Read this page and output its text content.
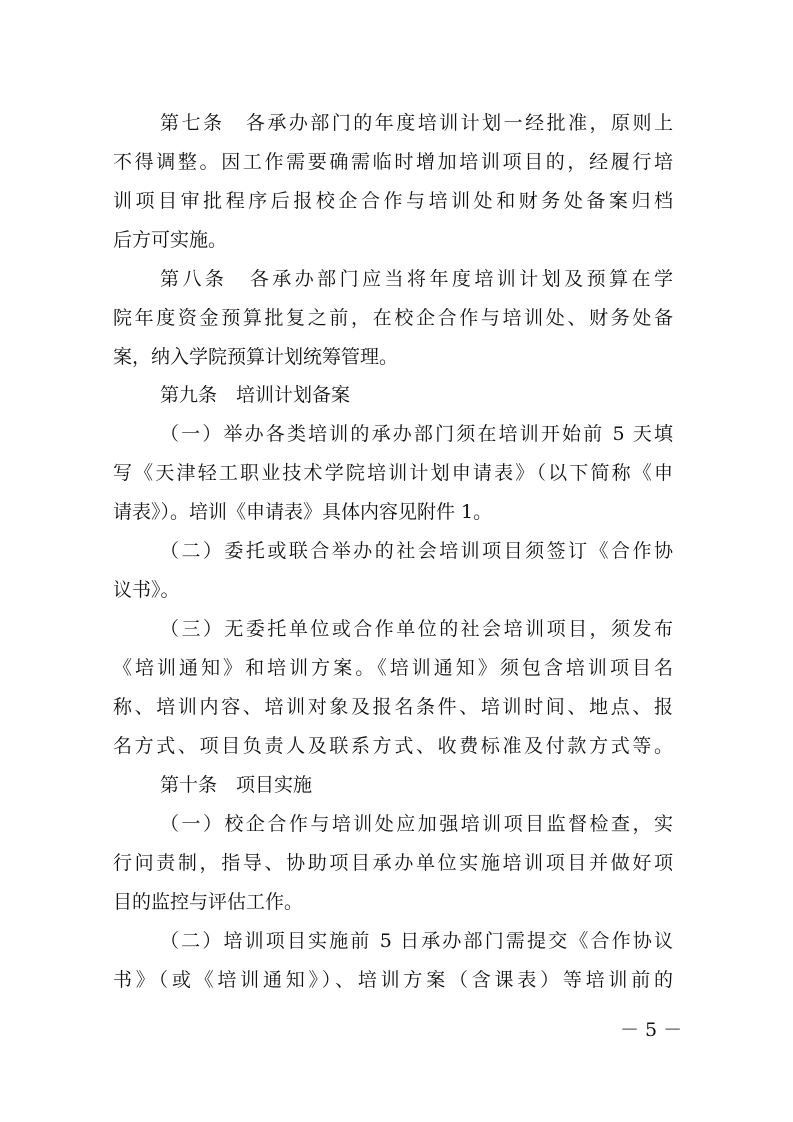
第七条　各承办部门的年度培训计划一经批准，原则上
不得调整。因工作需要确需临时增加培训项目的，经履行培
训项目审批程序后报校企合作与培训处和财务处备案归档
后方可实施。
第八条　各承办部门应当将年度培训计划及预算在学
院年度资金预算批复之前，在校企合作与培训处、财务处备
案，纳入学院预算计划统筹管理。
第九条　培训计划备案
（一）举办各类培训的承办部门须在培训开始前 5 天填
写《天津轻工职业技术学院培训计划申请表》（以下简称《申
请表》）。培训《申请表》具体内容见附件 1。
（二）委托或联合举办的社会培训项目须签订《合作协
议书》。
（三）无委托单位或合作单位的社会培训项目，须发布
《培训通知》和培训方案。《培训通知》须包含培训项目名
称、培训内容、培训对象及报名条件、培训时间、地点、报
名方式、项目负责人及联系方式、收费标准及付款方式等。
第十条　项目实施
（一）校企合作与培训处应加强培训项目监督检查，实
行问责制，指导、协助项目承办单位实施培训项目并做好项
目的监控与评估工作。
（二）培训项目实施前 5 日承办部门需提交《合作协议
书》（或《培训通知》）、培训方案（含课表）等培训前的
－ 5 －
